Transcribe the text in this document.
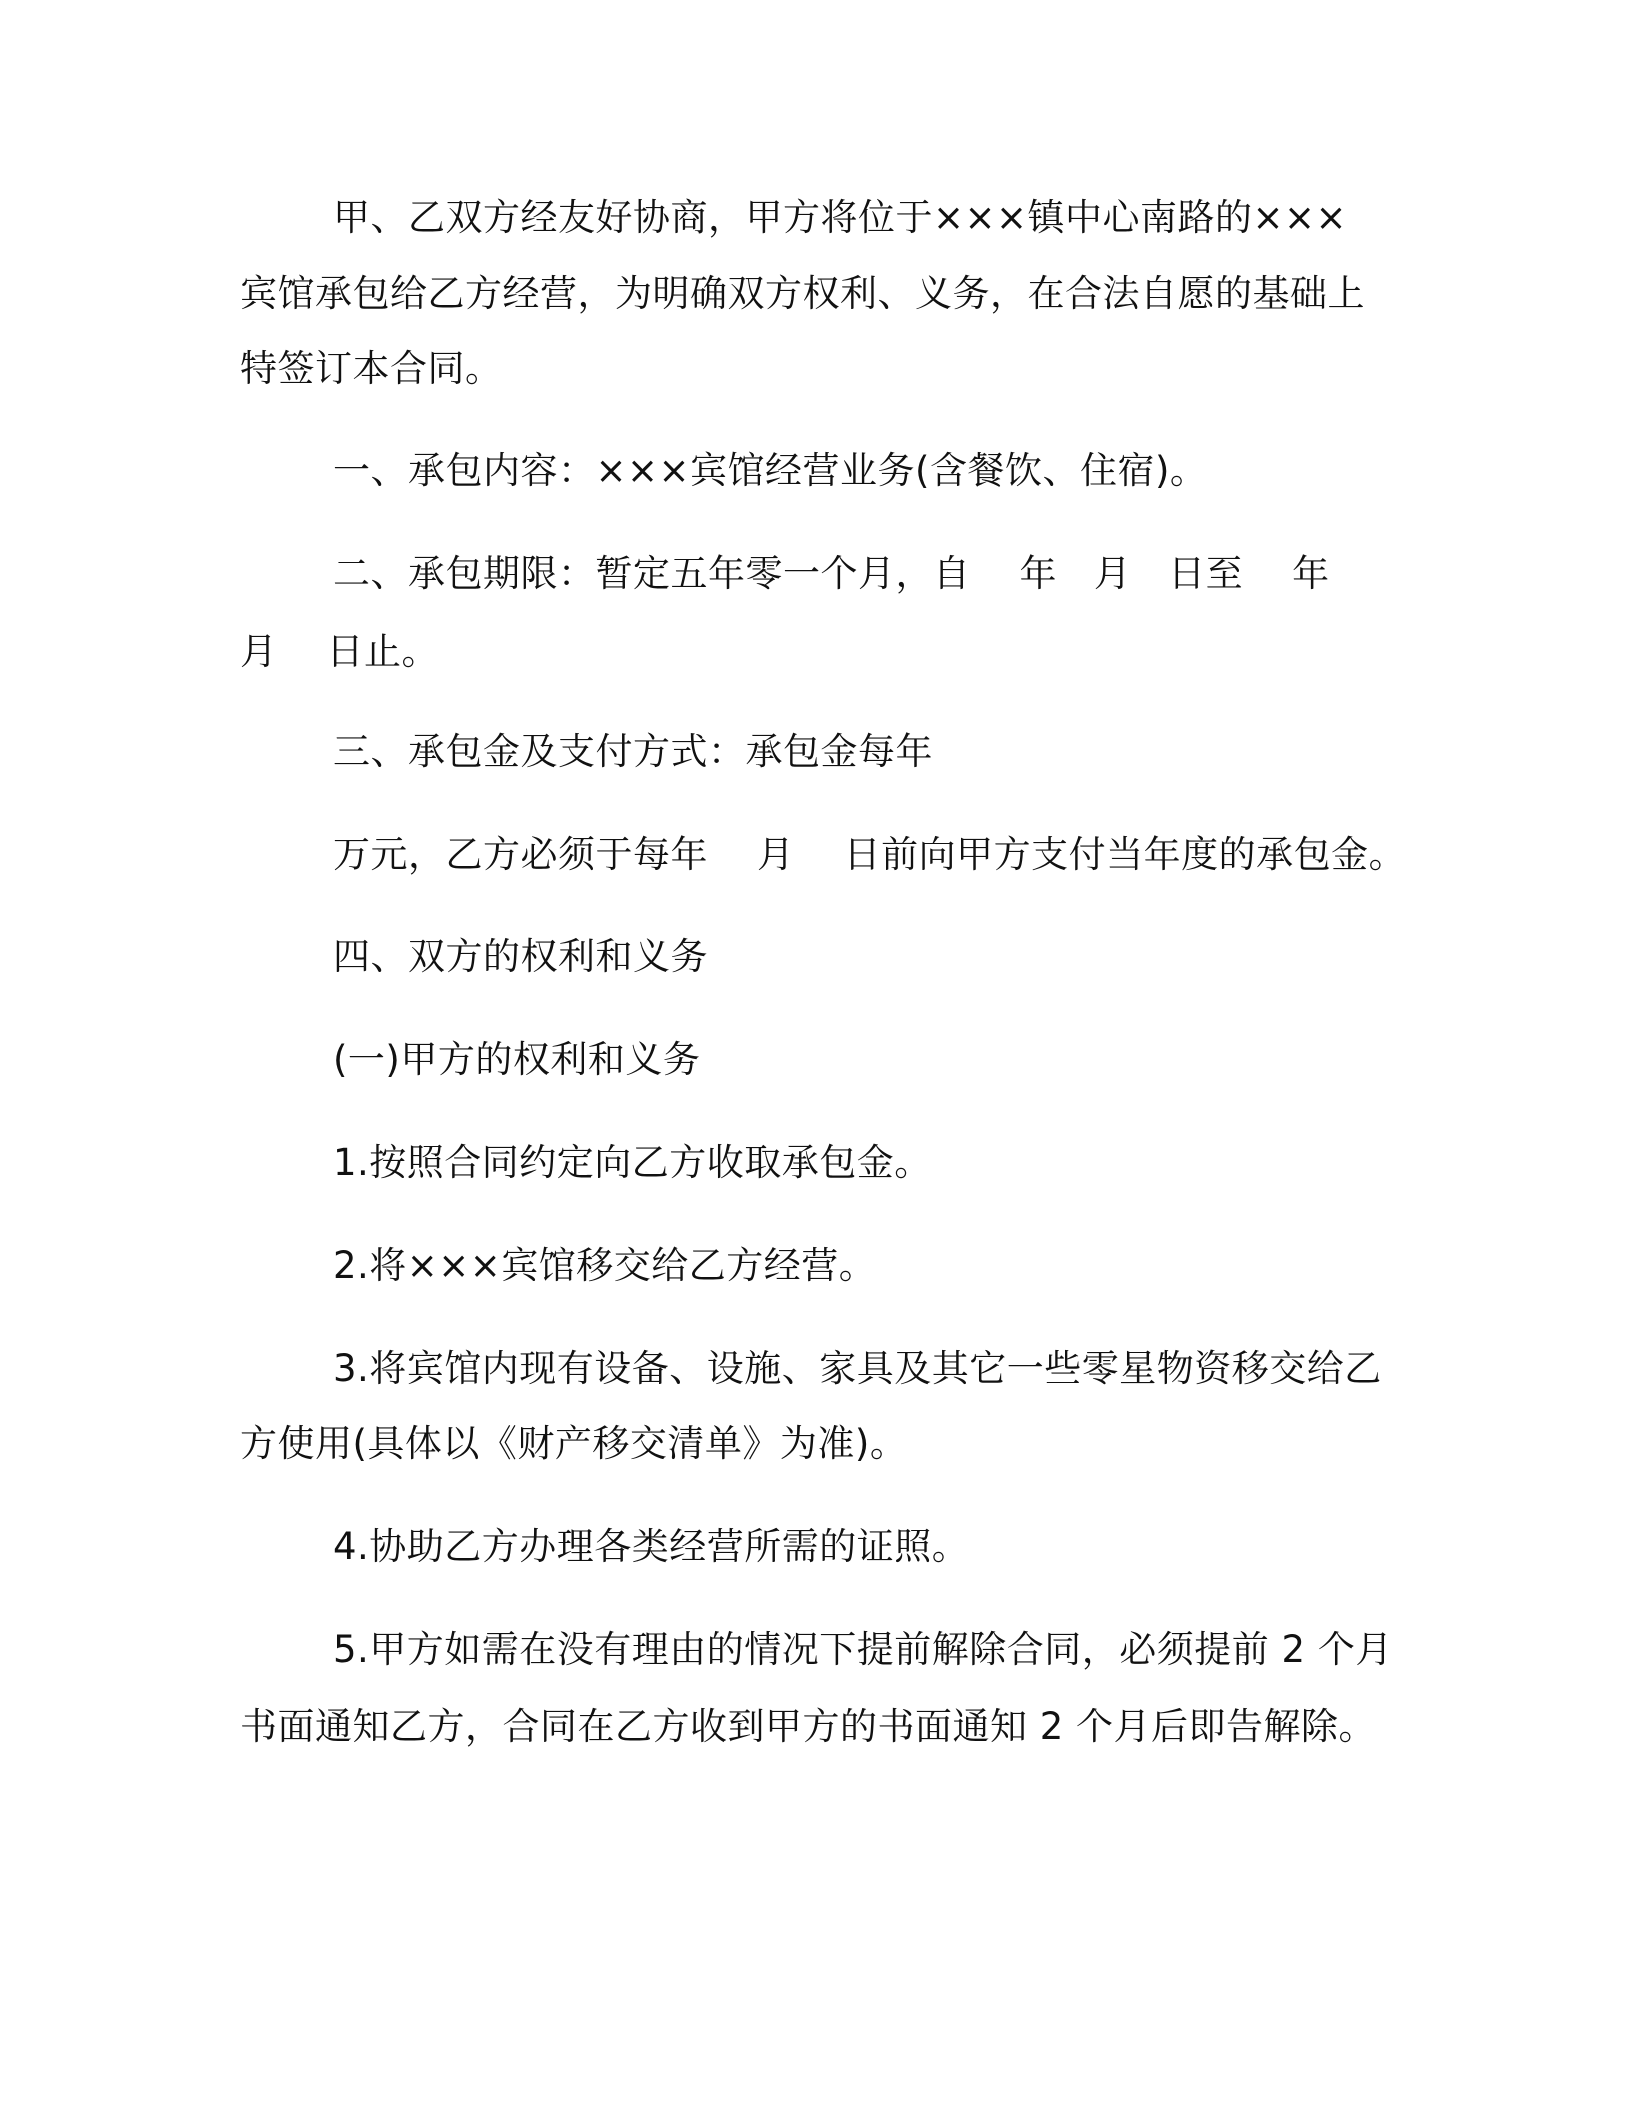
甲、乙双方经友好协商，甲方将位于×××镇中心南路的×××
宾馆承包给乙方经营，为明确双方权利、义务，在合法自愿的基础上
特签订本合同。
一、承包内容：×××宾馆经营业务(含餐饮、住宿)。
二、承包期限：暂定五年零一个月，自    年   月   日至    年
月    日止。
三、承包金及支付方式：承包金每年
万元，乙方必须于每年    月    日前向甲方支付当年度的承包金。
四、双方的权利和义务
(一)甲方的权利和义务
1.按照合同约定向乙方收取承包金。
2.将×××宾馆移交给乙方经营。
3.将宾馆内现有设备、设施、家具及其它一些零星物资移交给乙
方使用(具体以《财产移交清单》为准)。
4.协助乙方办理各类经营所需的证照。
5.甲方如需在没有理由的情况下提前解除合同，必须提前 2 个月
书面通知乙方，合同在乙方收到甲方的书面通知 2 个月后即告解除。
